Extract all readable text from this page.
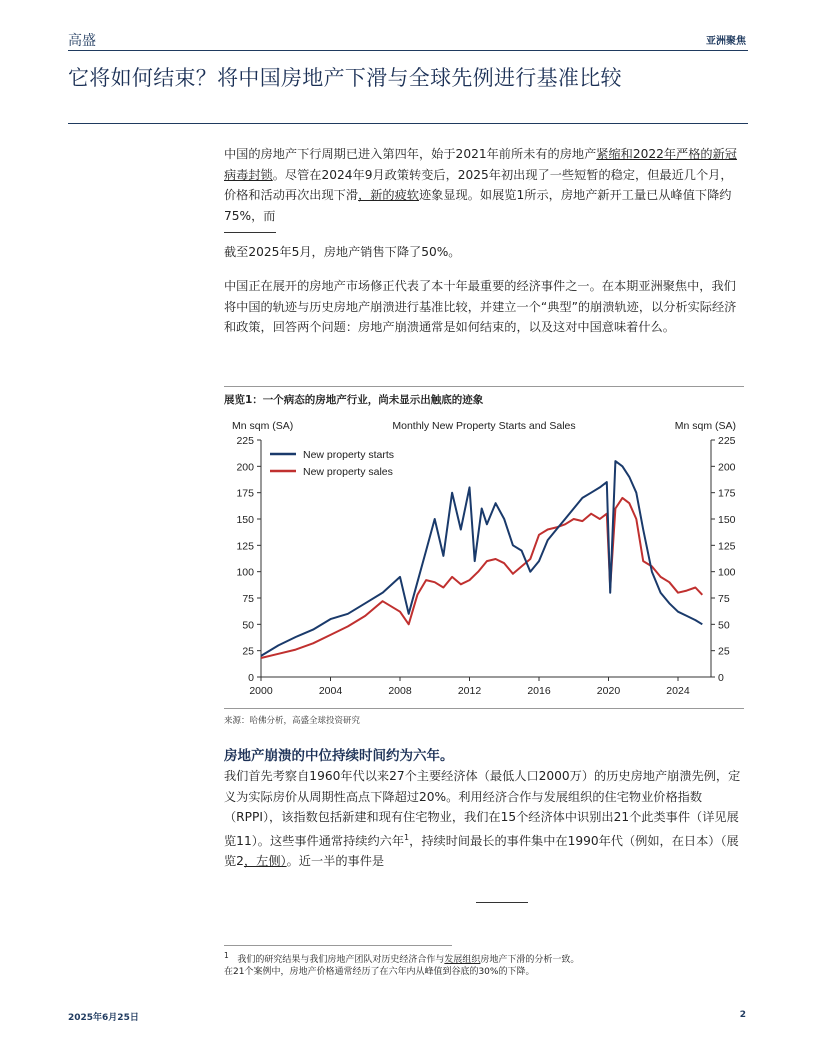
高盛	亚洲聚焦
它将如何结束？将中国房地产下滑与全球先例进行基准比较
中国的房地产下行周期已进入第四年，始于2021年前所未有的房地产紧缩和2022年严格的新冠病毒封锁。尽管在2024年9月政策转变后，2025年初出现了一些短暂的稳定，但最近几个月，价格和活动再次出现下滑，新的疲软迹象显现。如展览1所示，房地产新开工量已从峰值下降约75%，而
截至2025年5月，房地产销售下降了50%。
中国正在展开的房地产市场修正代表了本十年最重要的经济事件之一。在本期亚洲聚焦中，我们将中国的轨迹与历史房地产崩溃进行基准比较，并建立一个“典型”的崩溃轨迹，以分析实际经济和政策，回答两个问题：房地产崩溃通常是如何结束的，以及这对中国意味着什么。
展览1：一个病态的房地产行业，尚未显示出触底的迹象
Mn sqm (SA)	Mn sqm (SA)
Monthly New Property Starts and Sales
0	0
25	25
50	50
75	75
100	100
125	125
150	150
175	175
200	200
225	225
2000	2004	2008	2012	2016	2020	2024
New property starts
New property sales
来源：哈佛分析，高盛全球投资研究
房地产崩溃的中位持续时间约为六年。
我们首先考察自1960年代以来27个主要经济体（最低人口2000万）的历史房地产崩溃先例，定义为实际房价从周期性高点下降超过20%。利用经济合作与发展组织的住宅物业价格指数（RPPI），该指数包括新建和现有住宅物业，我们在15个经济体中识别出21个此类事件（详见展览11）。这些事件通常持续约六年$^1$，持续时间最长的事件集中在1990年代（例如，在日本）（展览2，左侧）。近一半的事件是
$^1$ 我们的研究结果与我们房地产团队对历史经济合作与发展组织房地产下滑的分析一致。
在21个案例中，房地产价格通常经历了在六年内从峰值到谷底的30%的下降。
2025年6月25日	2
